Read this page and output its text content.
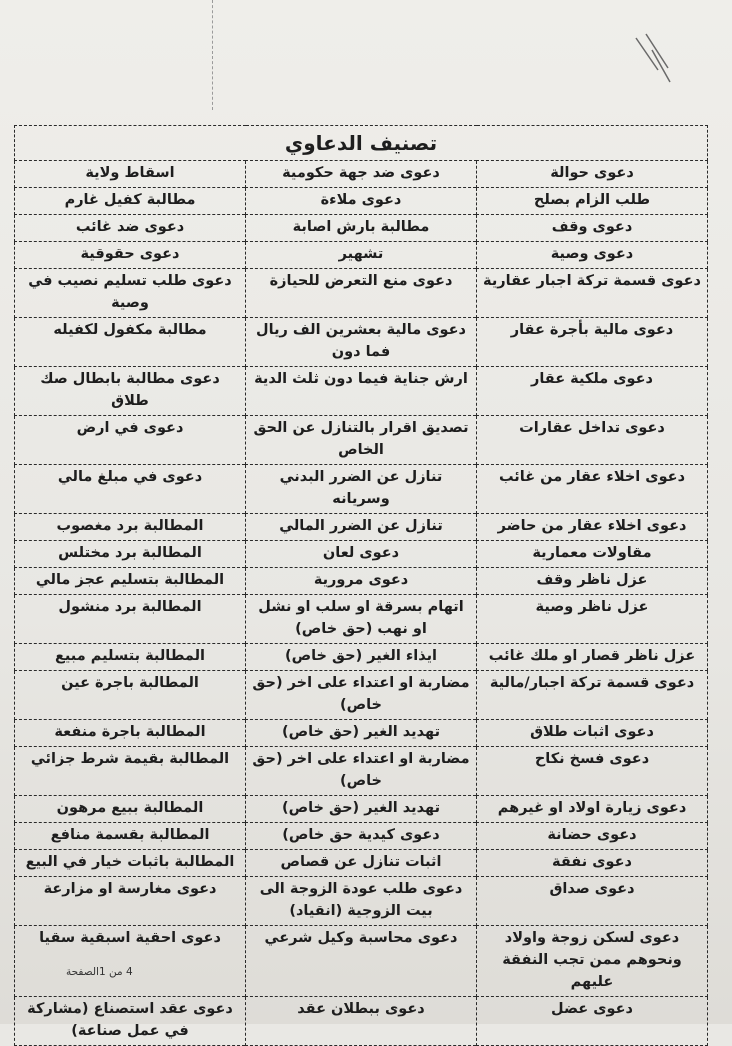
تصنيف الدعاوي		
دعوى حوالة	دعوى ضد جهة حكومية	اسقاط ولاية
طلب الزام بصلح	دعوى ملاءة	مطالبة كفيل غارم
دعوى وقف	مطالبة بارش اصابة	دعوى ضد غائب
دعوى وصية	تشهير	دعوى حقوقية
دعوى قسمة تركة اجبار عقارية	دعوى منع التعرض للحيازة	دعوى طلب تسليم نصيب في وصية
دعوى مالية بأجرة عقار	دعوى مالية بعشرين الف ريال فما دون	مطالبة مكفول لكفيله
دعوى ملكية عقار	ارش جناية فيما دون ثلث الدية	دعوى مطالبة بابطال صك طلاق
دعوى تداخل عقارات	تصديق اقرار بالتنازل عن الحق الخاص	دعوى في ارض
دعوى اخلاء عقار من غائب	تنازل عن الضرر البدني وسريانه	دعوى في مبلغ مالي
دعوى اخلاء عقار من حاضر	تنازل عن الضرر المالي	المطالبة برد مغصوب
مقاولات معمارية	دعوى لعان	المطالبة برد مختلس
عزل ناظر وقف	دعوى مرورية	المطالبة بتسليم عجز مالي
عزل ناظر وصية	اتهام بسرقة او سلب او نشل او نهب (حق خاص)	المطالبة برد منشول
عزل ناظر قصار او ملك غائب	ايذاء الغير (حق خاص)	المطالبة بتسليم مبيع
دعوى قسمة تركة اجبار/مالية	مضاربة او اعتداء على اخر (حق خاص)	المطالبة باجرة عين
دعوى اثبات طلاق	تهديد الغير (حق خاص)	المطالبة باجرة منفعة
دعوى فسخ نكاح	مضاربة او اعتداء على اخر (حق خاص)	المطالبة بقيمة شرط جزائي
دعوى زيارة اولاد او غيرهم	تهديد الغير (حق خاص)	المطالبة ببيع مرهون
دعوى حضانة	دعوى كيدية حق خاص)	المطالبة بقسمة منافع
دعوى نفقة	اثبات تنازل عن قصاص	المطالبة باثبات خيار في البيع
دعوى صداق	دعوى طلب عودة الزوجة الى بيت الزوجية (انقياد)	دعوى مغارسة او مزارعة
دعوى لسكن زوجة واولاد ونحوهم ممن تجب النفقة عليهم	دعوى محاسبة وكيل شرعي	دعوى احقية اسبقية سقيا
دعوى عضل	دعوى ببطلان عقد	دعوى عقد استصناع (مشاركة في عمل صناعة)
4 من 1الصفحة
